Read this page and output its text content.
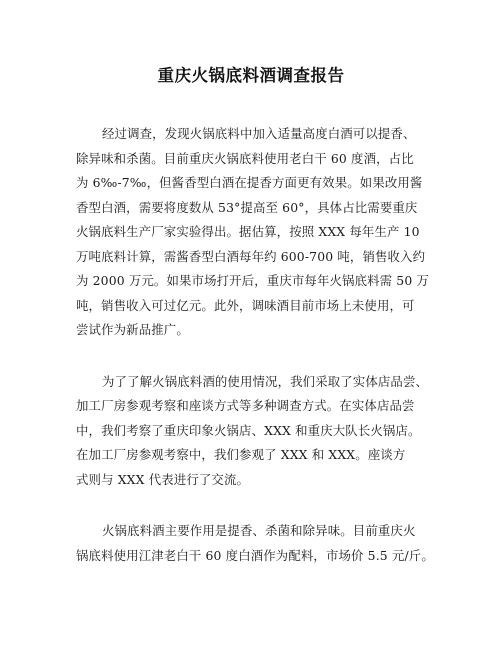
重庆火锅底料酒调查报告
经过调查，发现火锅底料中加入适量高度白酒可以提香、
除异味和杀菌。目前重庆火锅底料使用老白干 60 度酒，占比
为 6‰-7‰，但酱香型白酒在提香方面更有效果。如果改用酱
香型白酒，需要将度数从 53°提高至 60°，具体占比需要重庆
火锅底料生产厂家实验得出。据估算，按照 XXX 每年生产 10
万吨底料计算，需酱香型白酒每年约 600-700 吨，销售收入约
为 2000 万元。如果市场打开后，重庆市每年火锅底料需 50 万
吨，销售收入可过亿元。此外，调味酒目前市场上未使用，可
尝试作为新品推广。
为了了解火锅底料酒的使用情况，我们采取了实体店品尝、
加工厂房参观考察和座谈方式等多种调查方式。在实体店品尝
中，我们考察了重庆印象火锅店、XXX 和重庆大队长火锅店。
在加工厂房参观考察中，我们参观了 XXX 和 XXX。座谈方
式则与 XXX 代表进行了交流。
火锅底料酒主要作用是提香、杀菌和除异味。目前重庆火
锅底料使用江津老白干 60 度白酒作为配料，市场价 5.5 元/斤。
